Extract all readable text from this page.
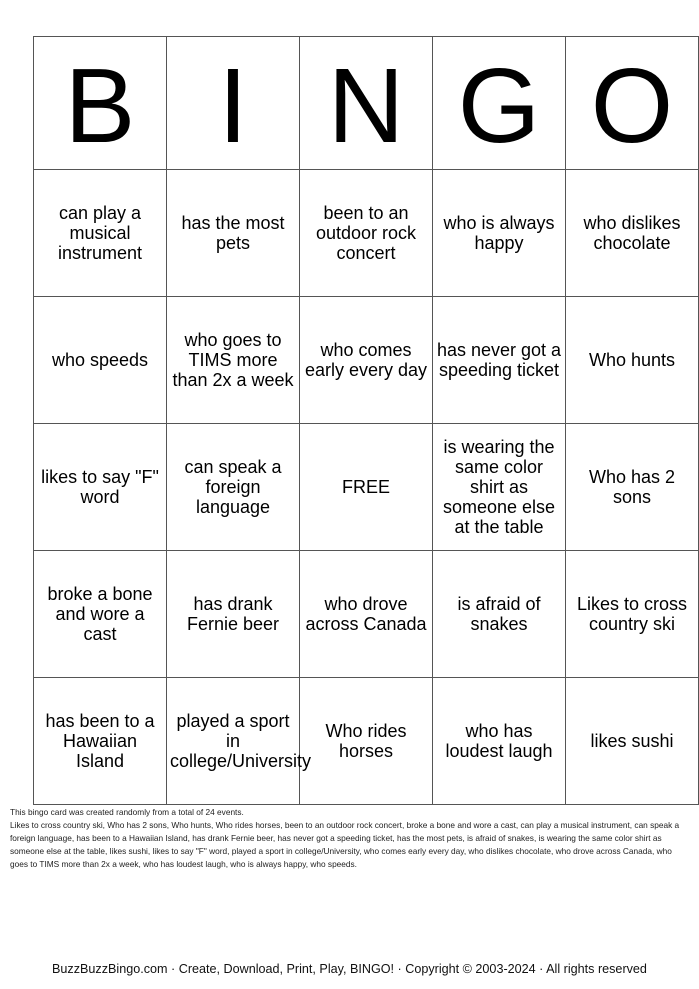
B	I	N	G	O
can play a musical instrument	has the most pets	been to an outdoor rock concert	who is always happy	who dislikes chocolate
who speeds	who goes to TIMS more than 2x a week	who comes early every day	has never got a speeding ticket	Who hunts
likes to say "F" word	can speak a foreign language	FREE	is wearing the same color shirt as someone else at the table	Who has 2 sons
broke a bone and wore a cast	has drank Fernie beer	who drove across Canada	is afraid of snakes	Likes to cross country ski
has been to a Hawaiian Island	played a sport in college/University	Who rides horses	who has loudest laugh	likes sushi

This bingo card was created randomly from a total of 24 events.

Likes to cross country ski, Who has 2 sons, Who hunts, Who rides horses, been to an outdoor rock concert, broke a bone and wore a cast, can play a musical instrument, can speak a foreign language, has been to a Hawaiian Island, has drank Fernie beer, has never got a speeding ticket, has the most pets, is afraid of snakes, is wearing the same color shirt as someone else at the table, likes sushi, likes to say "F" word, played a sport in college/University, who comes early every day, who dislikes chocolate, who drove across Canada, who goes to TIMS more than 2x a week, who has loudest laugh, who is always happy, who speeds.

BuzzBuzzBingo.com · Create, Download, Print, Play, BINGO! · Copyright © 2003-2024 · All rights reserved
